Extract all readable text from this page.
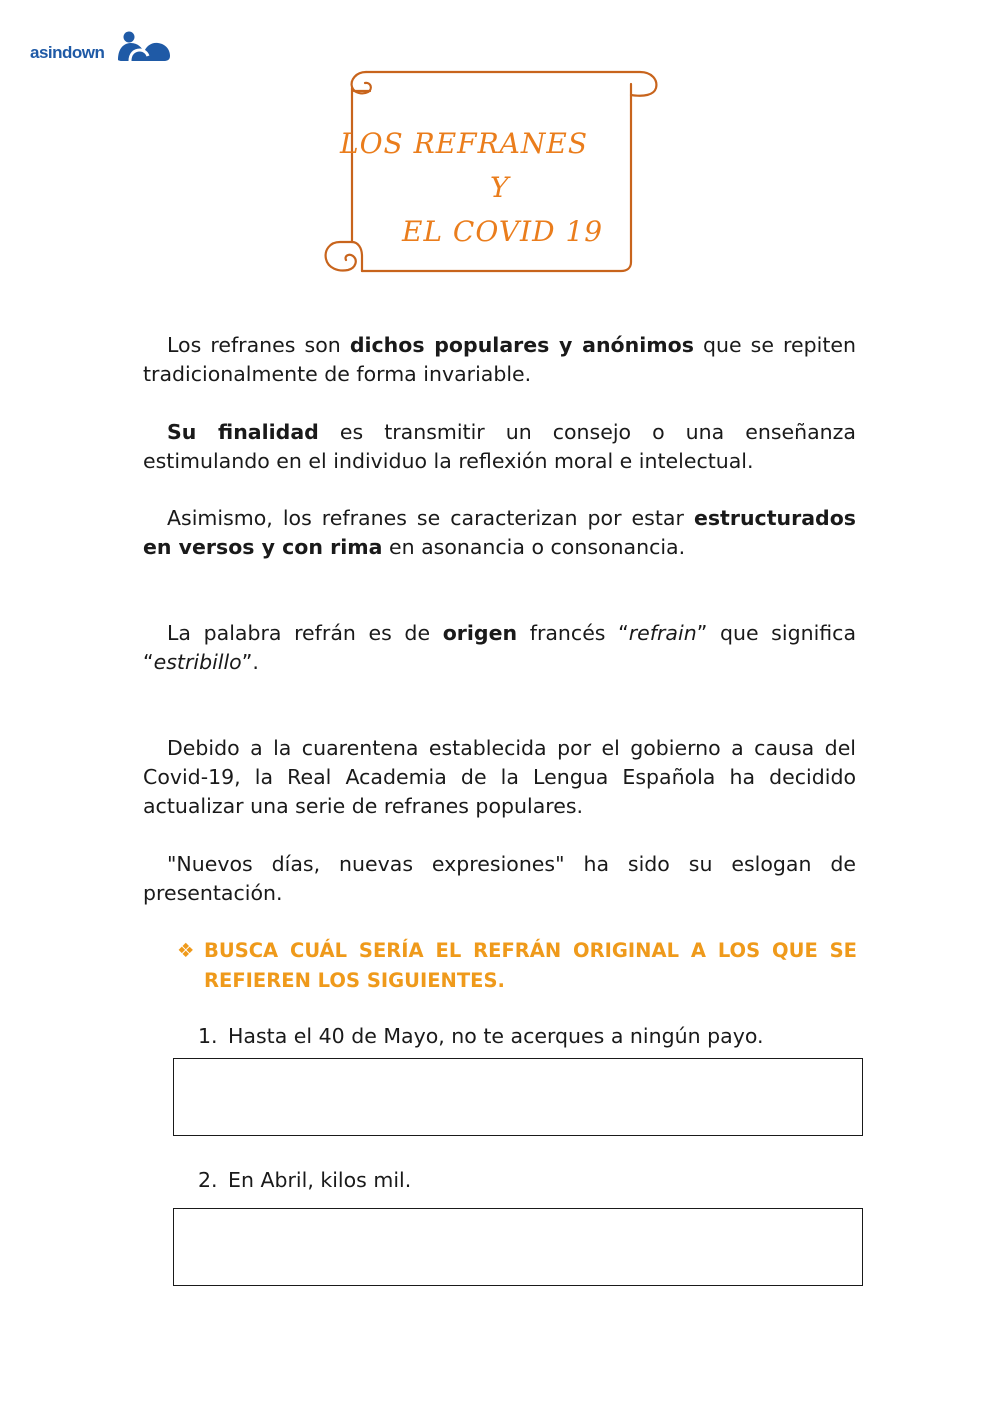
asindown
LOS REFRANES
Y
EL COVID 19

Los refranes son dichos populares y anónimos que se repiten tradicionalmente de forma invariable.

Su finalidad es transmitir un consejo o una enseñanza estimulando en el individuo la reflexión moral e intelectual.

Asimismo, los refranes se caracterizan por estar estructurados en versos y con rima en asonancia o consonancia.

La palabra refrán es de origen francés “refrain” que significa “estribillo”.

Debido a la cuarentena establecida por el gobierno a causa del Covid-19, la Real Academia de la Lengua Española ha decidido actualizar una serie de refranes populares.

"Nuevos días, nuevas expresiones" ha sido su eslogan de presentación.

❖ BUSCA CUÁL SERÍA EL REFRÁN ORIGINAL A LOS QUE SE REFIEREN LOS SIGUIENTES.
1. Hasta el 40 de Mayo, no te acerques a ningún payo.
2. En Abril, kilos mil.
